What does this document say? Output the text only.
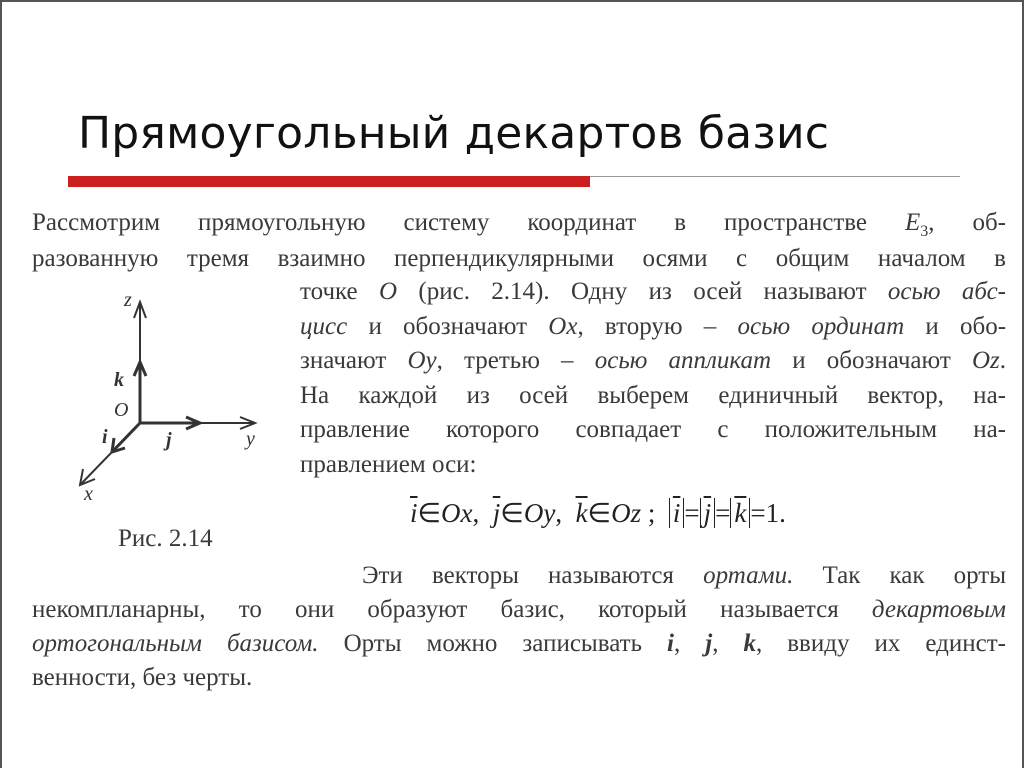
Прямоугольный декартов базис
Рассмотрим прямоугольную систему координат в пространстве $E_3$, об-
разованную тремя взаимно перпендикулярными осями с общим началом в
точке O (рис. 2.14). Одну из осей называют осью абс-
цисс и обозначают Ox, вторую – осью ординат и обо-
значают Oy, третью – осью аппликат и обозначают Oz.
На каждой из осей выберем единичный вектор, на-
правление которого совпадает с положительным на-
правлением оси:
$\overline{i}\in Ox$, $\overline{j}\in Oy$, $\overline{k}\in Oz$ ; $\overline{i} = \overline{j} = \overline{k} =1$.
z
k
O
i	j	y
x
Рис. 2.14
Эти векторы называются ортами. Так как орты
некомпланарны, то они образуют базис, который называется декартовым
ортогональным базисом. Орты можно записывать i, j, k, ввиду их единст-
венности, без черты.
